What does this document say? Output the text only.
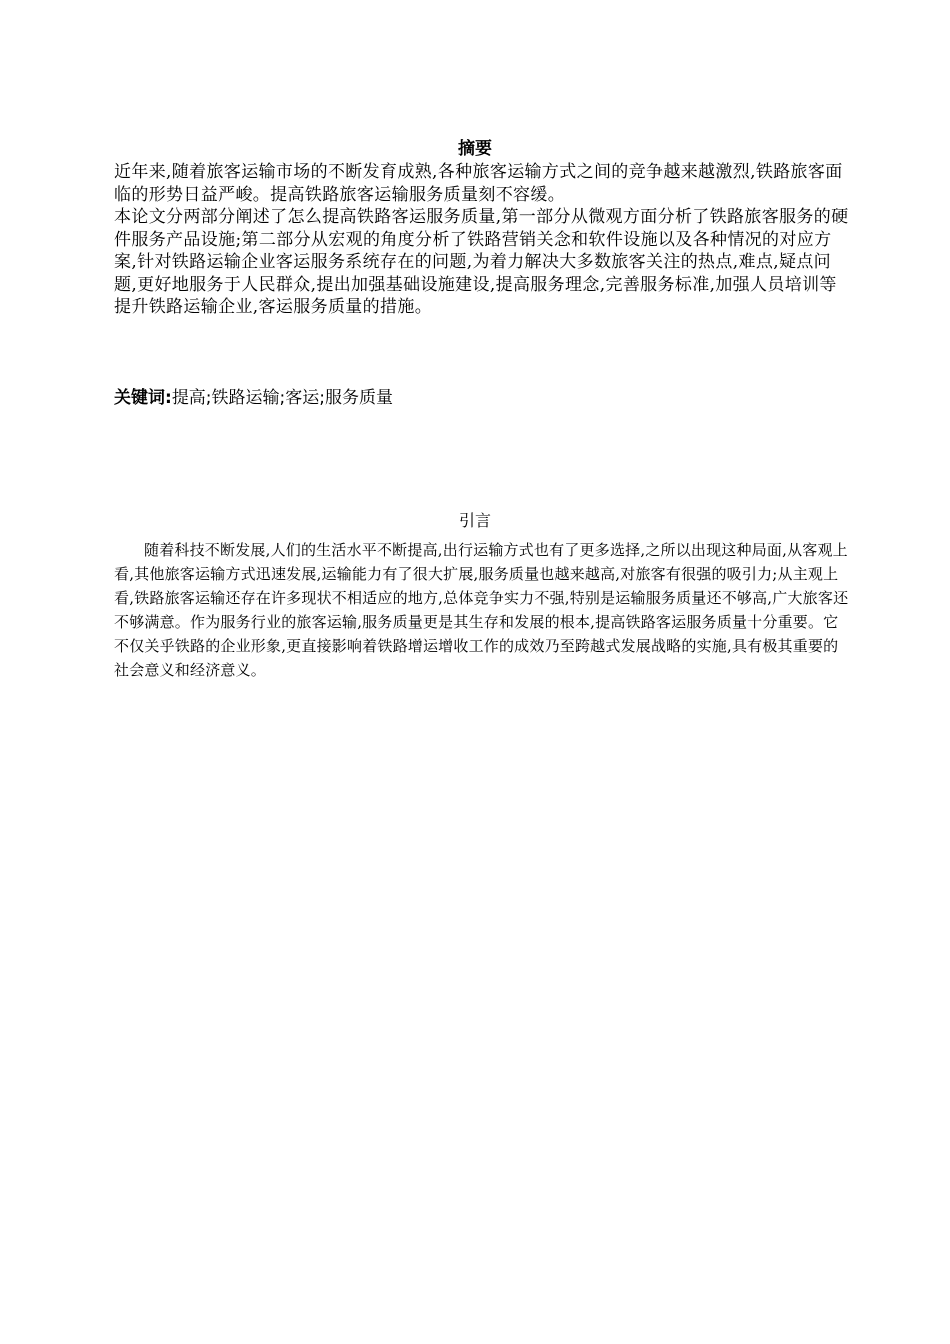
摘要

近年来,随着旅客运输市场的不断发育成熟,各种旅客运输方式之间的竞争越来越激烈,铁路旅客面临的形势日益严峻。提高铁路旅客运输服务质量刻不容缓。

本论文分两部分阐述了怎么提高铁路客运服务质量,第一部分从微观方面分析了铁路旅客服务的硬件服务产品设施;第二部分从宏观的角度分析了铁路营销关念和软件设施以及各种情况的对应方案,针对铁路运输企业客运服务系统存在的问题,为着力解决大多数旅客关注的热点,难点,疑点问题,更好地服务于人民群众,提出加强基础设施建设,提高服务理念,完善服务标准,加强人员培训等提升铁路运输企业,客运服务质量的措施。

关键词:提高;铁路运输;客运;服务质量
引言

随着科技不断发展,人们的生活水平不断提高,出行运输方式也有了更多选择,之所以出现这种局面,从客观上看,其他旅客运输方式迅速发展,运输能力有了很大扩展,服务质量也越来越高,对旅客有很强的吸引力;从主观上看,铁路旅客运输还存在许多现状不相适应的地方,总体竞争实力不强,特别是运输服务质量还不够高,广大旅客还不够满意。作为服务行业的旅客运输,服务质量更是其生存和发展的根本,提高铁路客运服务质量十分重要。它不仅关乎铁路的企业形象,更直接影响着铁路增运增收工作的成效乃至跨越式发展战略的实施,具有极其重要的社会意义和经济意义。
